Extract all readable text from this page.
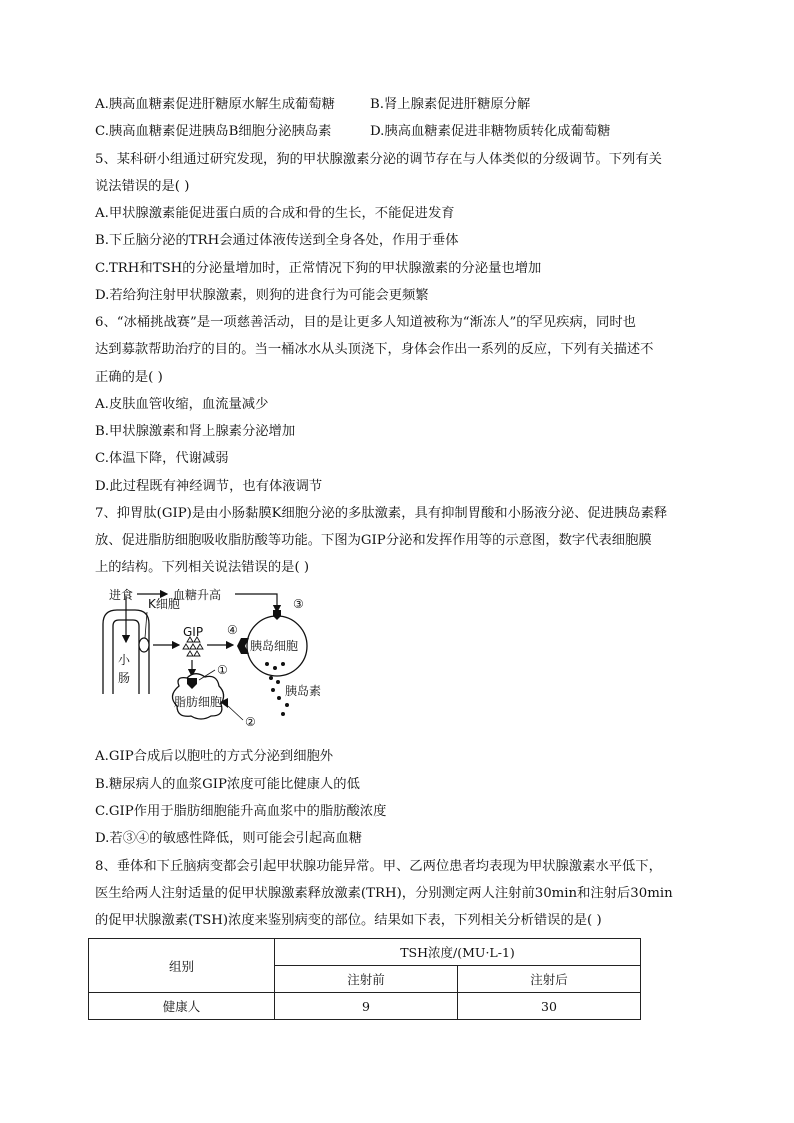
A.胰高血糖素促进肝糖原水解生成葡萄糖	B.肾上腺素促进肝糖原分解
C.胰高血糖素促进胰岛B细胞分泌胰岛素	D.胰高血糖素促进非糖物质转化成葡萄糖
5、某科研小组通过研究发现，狗的甲状腺激素分泌的调节存在与人体类似的分级调节。下列有关
说法错误的是( )
A.甲状腺激素能促进蛋白质的合成和骨的生长，不能促进发育
B.下丘脑分泌的TRH会通过体液传送到全身各处，作用于垂体
C.TRH和TSH的分泌量增加时，正常情况下狗的甲状腺激素的分泌量也增加
D.若给狗注射甲状腺激素，则狗的进食行为可能会更频繁
6、“冰桶挑战赛”是一项慈善活动，目的是让更多人知道被称为“渐冻人”的罕见疾病，同时也
达到募款帮助治疗的目的。当一桶冰水从头顶浇下，身体会作出一系列的反应，下列有关描述不
正确的是( )
A.皮肤血管收缩，血流量减少
B.甲状腺激素和肾上腺素分泌增加
C.体温下降，代谢减弱
D.此过程既有神经调节，也有体液调节
7、抑胃肽(GIP)是由小肠黏膜K细胞分泌的多肽激素，具有抑制胃酸和小肠液分泌、促进胰岛素释
放、促进脂肪细胞吸收脂肪酸等功能。下图为GIP分泌和发挥作用等的示意图，数字代表细胞膜
上的结构。下列相关说法错误的是( )
小
肠
K细胞
进食	血糖升高
GIP
胰岛细胞
③
④
胰岛素
脂肪细胞
①
②
A.GIP合成后以胞吐的方式分泌到细胞外
B.糖尿病人的血浆GIP浓度可能比健康人的低
C.GIP作用于脂肪细胞能升高血浆中的脂肪酸浓度
D.若③④的敏感性降低，则可能会引起高血糖
8、垂体和下丘脑病变都会引起甲状腺功能异常。甲、乙两位患者均表现为甲状腺激素水平低下，
医生给两人注射适量的促甲状腺激素释放激素(TRH)，分别测定两人注射前30min和注射后30min
的促甲状腺激素(TSH)浓度来鉴别病变的部位。结果如下表，下列相关分析错误的是( )
组别	TSH浓度/(MU·L-1)	
	注射前	注射后
健康人	9	30
